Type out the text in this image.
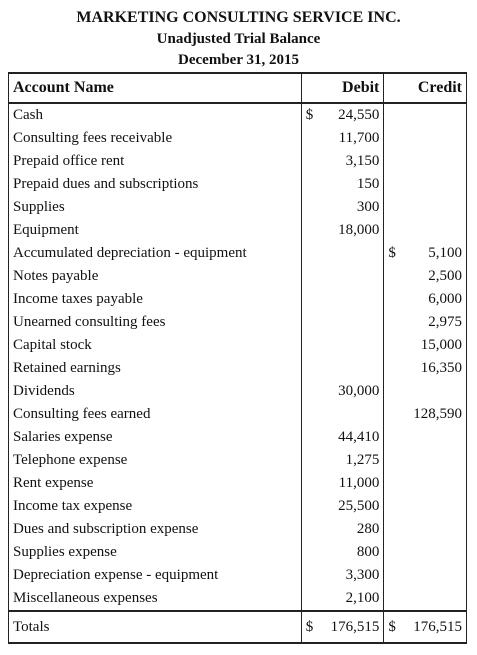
MARKETING CONSULTING SERVICE INC.
Unadjusted Trial Balance
December 31, 2015
Account Name	Debit	Credit
Cash	$ 24,550	

Consulting fees receivable	11,700	

Prepaid office rent	3,150	

Prepaid dues and subscriptions	150	

Supplies	300	

Equipment	18,000	

Accumulated depreciation - equipment		$ 5,100
Notes payable		2,500
Income taxes payable		6,000
Unearned consulting fees		2,975
Capital stock		15,000
Retained earnings		16,350
Dividends	30,000	

Consulting fees earned		128,590
Salaries expense	44,410	

Telephone expense	1,275	

Rent expense	11,000	

Income tax expense	25,500	

Dues and subscription expense	280	

Supplies expense	800	

Depreciation expense - equipment	3,300	

Miscellaneous expenses	2,100	

Totals	$ 176,515	$ 176,515
